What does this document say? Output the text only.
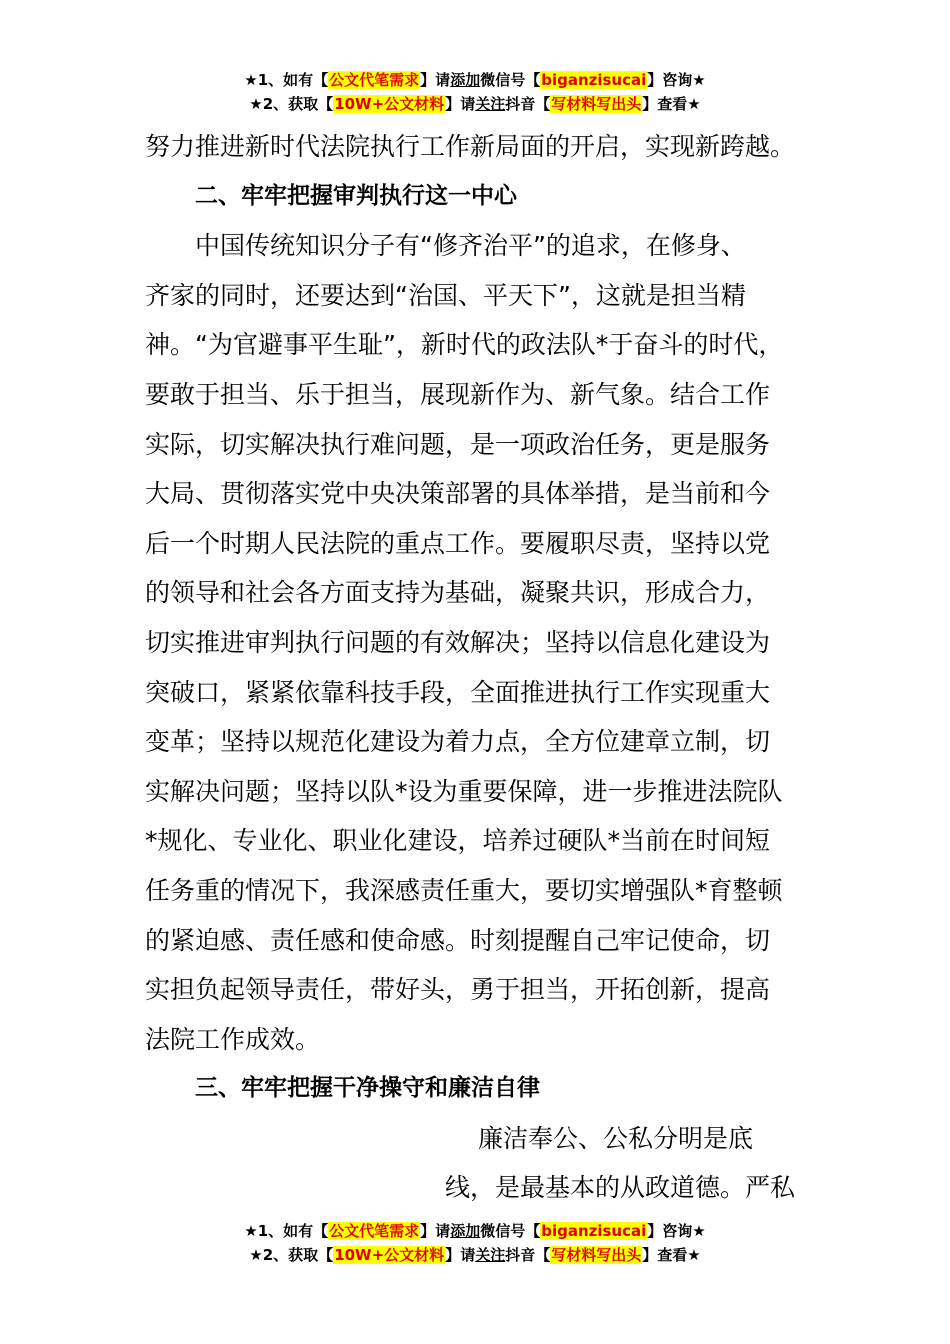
★1、如有【公文代笔需求】请添加微信号【biganzisucai】咨询★
★2、获取【10W+公文材料】请关注抖音【写材料写出头】查看★
努力推进新时代法院执行工作新局面的开启，实现新跨越。
二、牢牢把握审判执行这一中心
中国传统知识分子有“修齐治平”的追求，在修身、
齐家的同时，还要达到“治国、平天下”，这就是担当精
神。“为官避事平生耻”，新时代的政法队*于奋斗的时代，
要敢于担当、乐于担当，展现新作为、新气象。结合工作
实际，切实解决执行难问题，是一项政治任务，更是服务
大局、贯彻落实党中央决策部署的具体举措，是当前和今
后一个时期人民法院的重点工作。要履职尽责，坚持以党
的领导和社会各方面支持为基础，凝聚共识，形成合力，
切实推进审判执行问题的有效解决；坚持以信息化建设为
突破口，紧紧依靠科技手段，全面推进执行工作实现重大
变革；坚持以规范化建设为着力点，全方位建章立制，切
实解决问题；坚持以队*设为重要保障，进一步推进法院队
*规化、专业化、职业化建设，培养过硬队*当前在时间短
任务重的情况下，我深感责任重大，要切实增强队*育整顿
的紧迫感、责任感和使命感。时刻提醒自己牢记使命，切
实担负起领导责任，带好头，勇于担当，开拓创新，提高
法院工作成效。
三、牢牢把握干净操守和廉洁自律
廉洁奉公、公私分明是底
线，是最基本的从政道德。严私
★1、如有【公文代笔需求】请添加微信号【biganzisucai】咨询★
★2、获取【10W+公文材料】请关注抖音【写材料写出头】查看★
